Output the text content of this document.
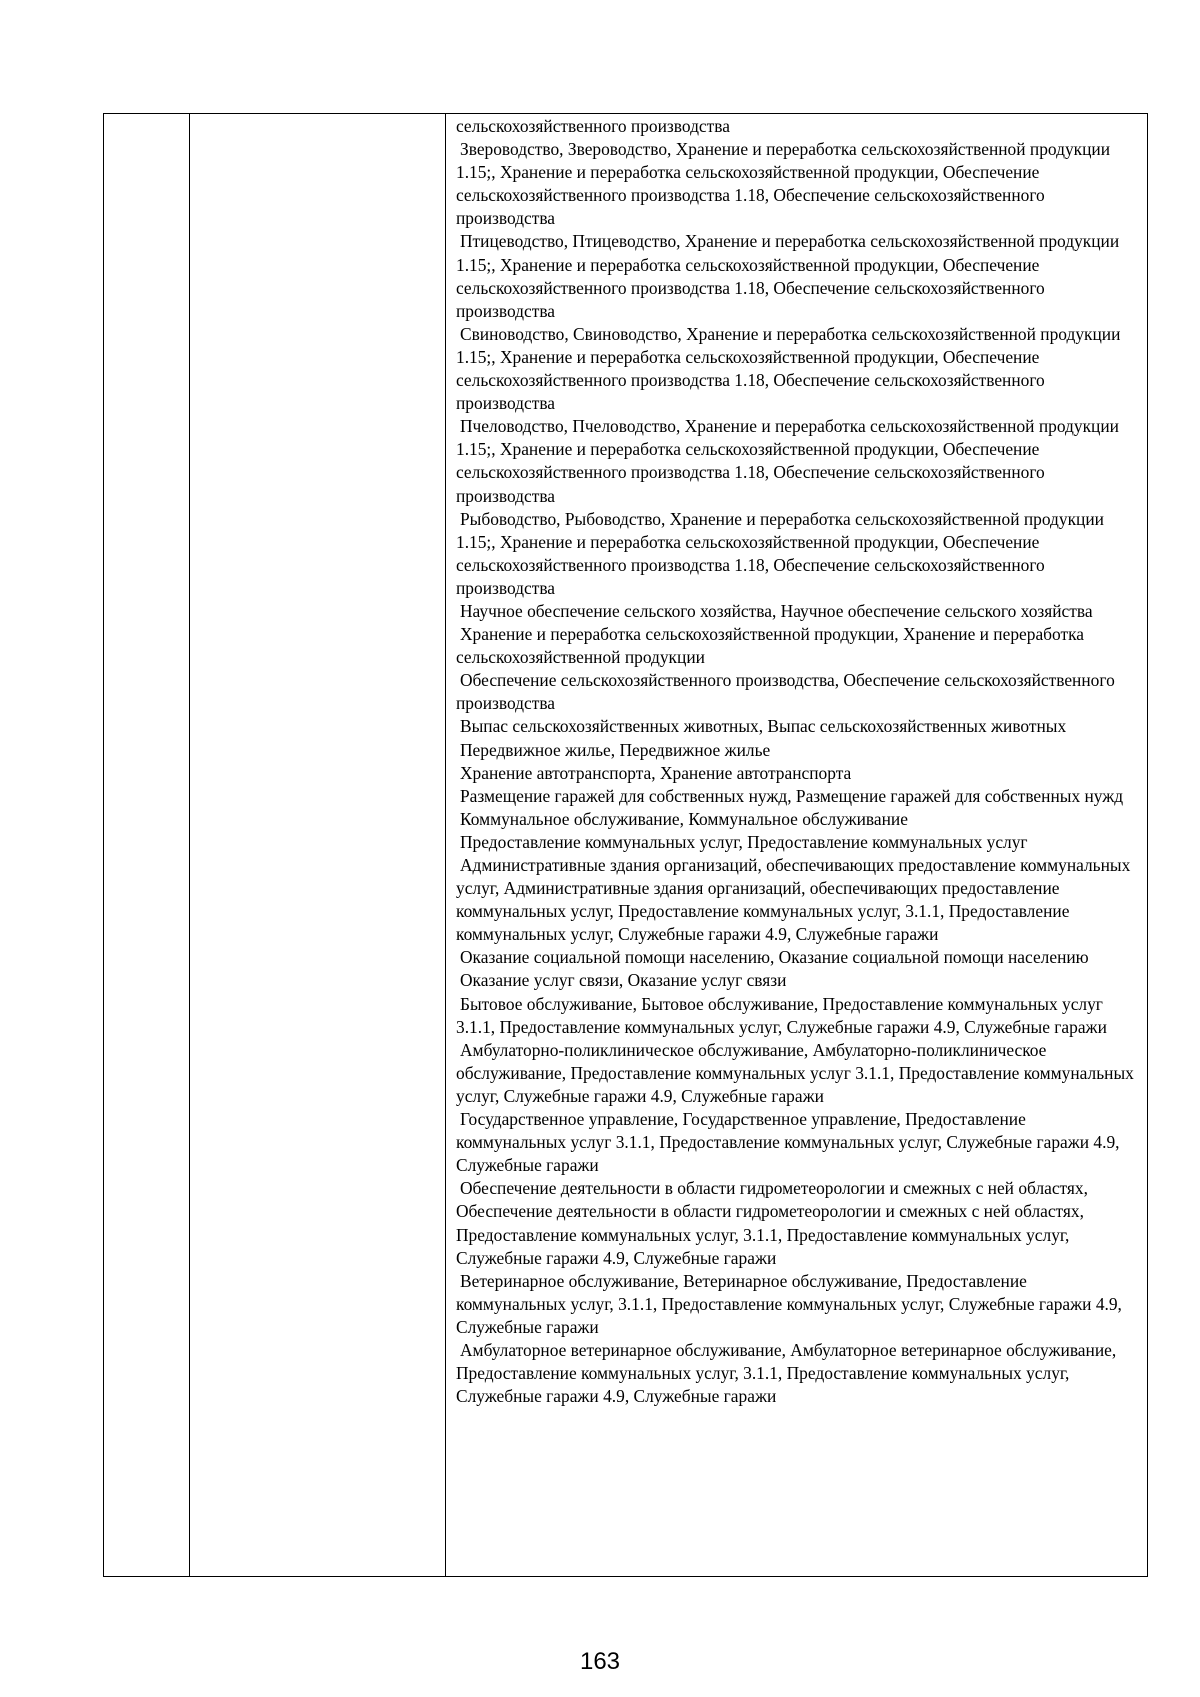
сельскохозяйственного производства

Звероводство, Звероводство, Хранение и переработка сельскохозяйственной продукции 1.15;, Хранение и переработка сельскохозяйственной продукции, Обеспечение сельскохозяйственного производства 1.18, Обеспечение сельскохозяйственного производства

Птицеводство, Птицеводство, Хранение и переработка сельскохозяйственной продукции 1.15;, Хранение и переработка сельскохозяйственной продукции, Обеспечение сельскохозяйственного производства 1.18, Обеспечение сельскохозяйственного производства

Свиноводство, Свиноводство, Хранение и переработка сельскохозяйственной продукции 1.15;, Хранение и переработка сельскохозяйственной продукции, Обеспечение сельскохозяйственного производства 1.18, Обеспечение сельскохозяйственного производства

Пчеловодство, Пчеловодство, Хранение и переработка сельскохозяйственной продукции 1.15;, Хранение и переработка сельскохозяйственной продукции, Обеспечение сельскохозяйственного производства 1.18, Обеспечение сельскохозяйственного производства

Рыбоводство, Рыбоводство, Хранение и переработка сельскохозяйственной продукции 1.15;, Хранение и переработка сельскохозяйственной продукции, Обеспечение сельскохозяйственного производства 1.18, Обеспечение сельскохозяйственного производства

Научное обеспечение сельского хозяйства, Научное обеспечение сельского хозяйства

Хранение и переработка сельскохозяйственной продукции, Хранение и переработка сельскохозяйственной продукции

Обеспечение сельскохозяйственного производства, Обеспечение сельскохозяйственного производства

Выпас сельскохозяйственных животных, Выпас сельскохозяйственных животных

Передвижное жилье, Передвижное жилье

Хранение автотранспорта, Хранение автотранспорта

Размещение гаражей для собственных нужд, Размещение гаражей для собственных нужд

Коммунальное обслуживание, Коммунальное обслуживание

Предоставление коммунальных услуг, Предоставление коммунальных услуг

Административные здания организаций, обеспечивающих предоставление коммунальных услуг, Административные здания организаций, обеспечивающих предоставление коммунальных услуг, Предоставление коммунальных услуг, 3.1.1, Предоставление коммунальных услуг, Служебные гаражи 4.9, Служебные гаражи

Оказание социальной помощи населению, Оказание социальной помощи населению

Оказание услуг связи, Оказание услуг связи

Бытовое обслуживание, Бытовое обслуживание, Предоставление коммунальных услуг 3.1.1, Предоставление коммунальных услуг, Служебные гаражи 4.9, Служебные гаражи

Амбулаторно-поликлиническое обслуживание, Амбулаторно-поликлиническое обслуживание, Предоставление коммунальных услуг 3.1.1, Предоставление коммунальных услуг, Служебные гаражи 4.9, Служебные гаражи

Государственное управление, Государственное управление, Предоставление коммунальных услуг 3.1.1, Предоставление коммунальных услуг, Служебные гаражи 4.9, Служебные гаражи

Обеспечение деятельности в области гидрометеорологии и смежных с ней областях, Обеспечение деятельности в области гидрометеорологии и смежных с ней областях, Предоставление коммунальных услуг, 3.1.1, Предоставление коммунальных услуг, Служебные гаражи 4.9, Служебные гаражи

Ветеринарное обслуживание, Ветеринарное обслуживание, Предоставление коммунальных услуг, 3.1.1, Предоставление коммунальных услуг, Служебные гаражи 4.9, Служебные гаражи

Амбулаторное ветеринарное обслуживание, Амбулаторное ветеринарное обслуживание, Предоставление коммунальных услуг, 3.1.1, Предоставление коммунальных услуг, Служебные гаражи 4.9, Служебные гаражи

163
